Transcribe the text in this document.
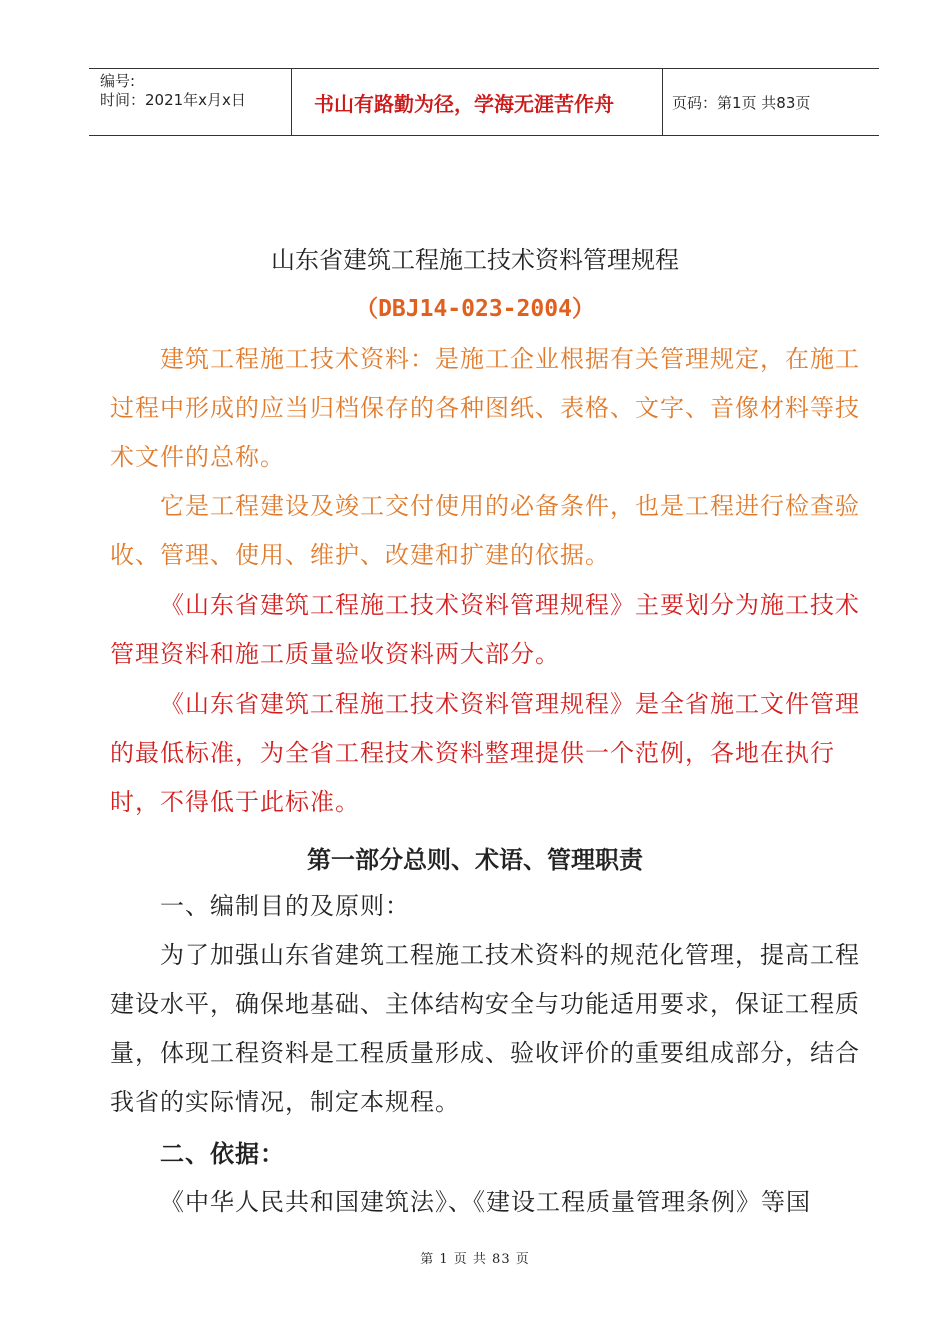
编号:
时间：2021年x月x日	书山有路勤为径，学海无涯苦作舟	页码：第1页 共83页
山东省建筑工程施工技术资料管理规程
（DBJ14-023-2004）
建筑工程施工技术资料：是施工企业根据有关管理规定，在施工过程中形成的应当归档保存的各种图纸、表格、文字、音像材料等技术文件的总称。
它是工程建设及竣工交付使用的必备条件，也是工程进行检查验收、管理、使用、维护、改建和扩建的依据。
《山东省建筑工程施工技术资料管理规程》主要划分为施工技术管理资料和施工质量验收资料两大部分。
《山东省建筑工程施工技术资料管理规程》是全省施工文件管理的最低标准，为全省工程技术资料整理提供一个范例，各地在执行时，不得低于此标准。
第一部分总则、术语、管理职责
一、编制目的及原则：
为了加强山东省建筑工程施工技术资料的规范化管理，提高工程建设水平，确保地基础、主体结构安全与功能适用要求，保证工程质量，体现工程资料是工程质量形成、验收评价的重要组成部分，结合我省的实际情况，制定本规程。
二、依据：
《中华人民共和国建筑法》、《建设工程质量管理条例》等国
第 1 页 共 83 页
